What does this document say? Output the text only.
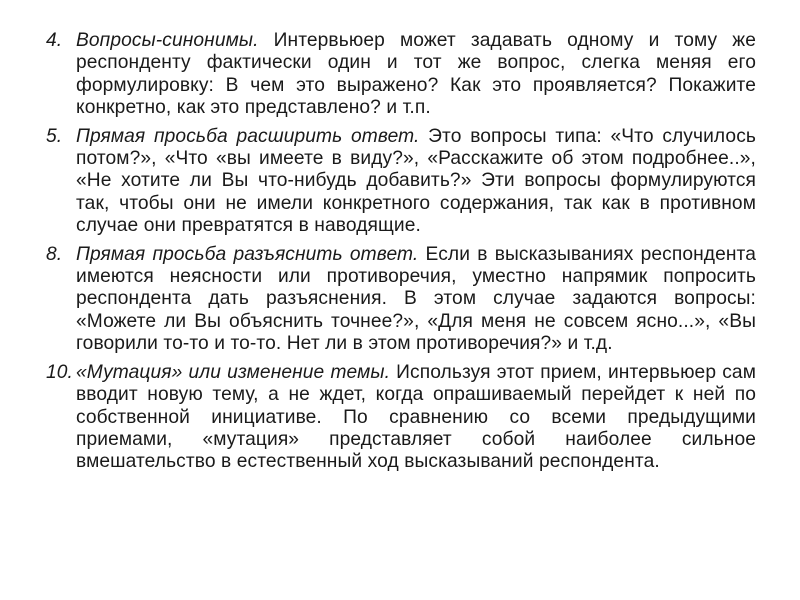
4. Вопросы-синонимы. Интервьюер может задавать одному и тому же респонденту фактически один и тот же вопрос, слегка меняя его формулировку: В чем это выражено? Как это проявляется? Покажите конкретно, как это представлено? и т.п.
5. Прямая просьба расширить ответ. Это вопросы типа: «Что случилось потом?», «Что «вы имеете в виду?», «Расскажите об этом подробнее..», «Не хотите ли Вы что-нибудь добавить?» Эти вопросы формулируются так, чтобы они не имели конкретного содержания, так как в противном случае они превратятся в наводящие.
8. Прямая просьба разъяснить ответ. Если в высказываниях респондента имеются неясности или противоречия, уместно напрямик попросить респондента дать разъяснения. В этом случае задаются вопросы: «Можете ли Вы объяснить точнее?», «Для меня не совсем ясно...», «Вы говорили то-то и то-то. Нет ли в этом противоречия?» и т.д.
10. «Мутация» или изменение темы. Используя этот прием, интервьюер сам вводит новую тему, а не ждет, когда опрашиваемый перейдет к ней по собственной инициативе. По сравнению со всеми предыдущими приемами, «мутация» представляет собой наиболее сильное вмешательство в естественный ход высказываний респондента.
